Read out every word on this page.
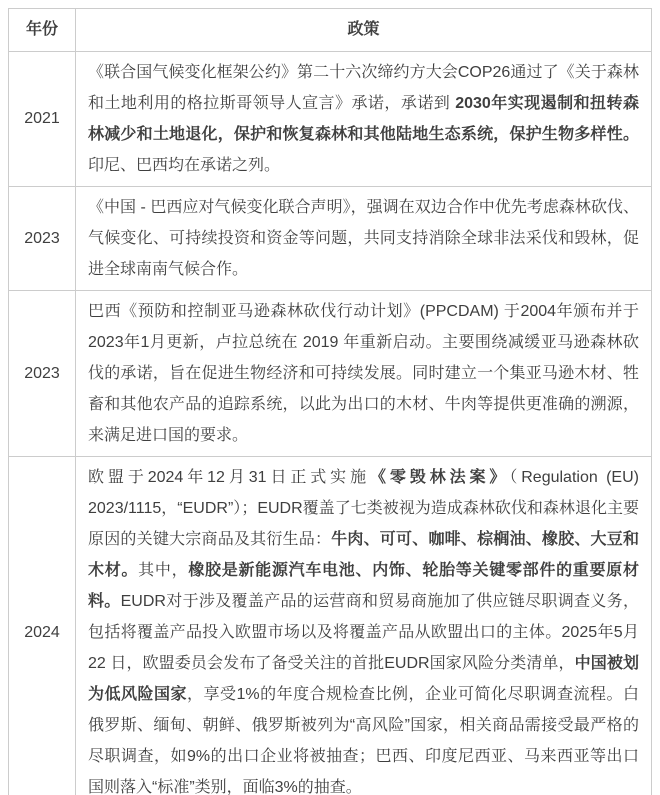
年份	政策
2021	《联合国气候变化框架公约》第二十六次缔约方大会COP26通过了《关于森林和土地利用的格拉斯哥领导人宣言》承诺，承诺到 2030年实现遏制和扭转森林减少和土地退化，保护和恢复森林和其他陆地生态系统，保护生物多样性。印尼、巴西均在承诺之列。
2023	《中国 - 巴西应对气候变化联合声明》，强调在双边合作中优先考虑森林砍伐、气候变化、可持续投资和资金等问题，共同支持消除全球非法采伐和毁林，促进全球南南气候合作。
2023	巴西《预防和控制亚马逊森林砍伐行动计划》(PPCDAM) 于2004年颁布并于2023年1月更新，卢拉总统在 2019 年重新启动。主要围绕减缓亚马逊森林砍伐的承诺，旨在促进生物经济和可持续发展。同时建立一个集亚马逊木材、牲畜和其他农产品的追踪系统，以此为出口的木材、牛肉等提供更准确的溯源，来满足进口国的要求。
2024	欧盟于2024年12月31日正式实施《零毁林法案》（Regulation (EU) 2023/1115，“EUDR”）；EUDR覆盖了七类被视为造成森林砍伐和森林退化主要原因的关键大宗商品及其衍生品：牛肉、可可、咖啡、棕榈油、橡胶、大豆和木材。其中，橡胶是新能源汽车电池、内饰、轮胎等关键零部件的重要原材料。EUDR对于涉及覆盖产品的运营商和贸易商施加了供应链尽职调查义务，包括将覆盖产品投入欧盟市场以及将覆盖产品从欧盟出口的主体。2025年5月22 日，欧盟委员会发布了备受关注的首批EUDR国家风险分类清单，中国被划为低风险国家，享受1%的年度合规检查比例，企业可简化尽职调查流程。白俄罗斯、缅甸、朝鲜、俄罗斯被列为“高风险”国家，相关商品需接受最严格的尽职调查，如9%的出口企业将被抽查；巴西、印度尼西亚、马来西亚等出口国则落入“标准”类别，面临3%的抽查。
